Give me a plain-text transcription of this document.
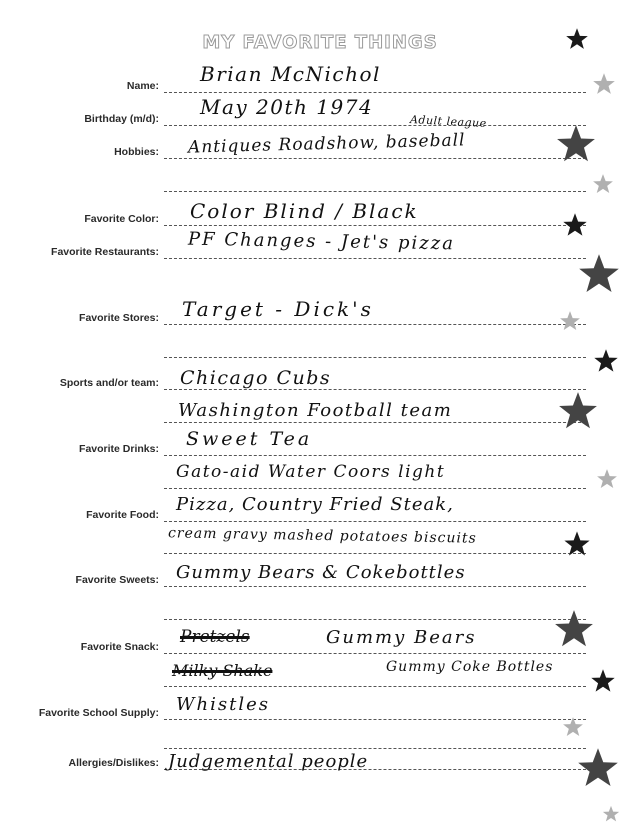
MY FAVORITE THINGS
Name:
Birthday (m/d):
Hobbies:
Favorite Color:
Favorite Restaurants:
Favorite Stores:
Sports and/or team:
Favorite Drinks:
Favorite Food:
Favorite Sweets:
Favorite Snack:
Favorite School Supply:
Allergies/Dislikes:
Brian McNichol
May 20th 1974
Adult league
Antiques Roadshow, baseball
Color Blind / Black
PF Changes - Jet's pizza
Target - Dick's
Chicago Cubs
Washington Football team
Sweet Tea
Gato-aid Water Coors light
Pizza, Country Fried Steak,
cream gravy mashed potatoes biscuits
Gummy Bears & Cokebottles
Pretzels	Gummy Bears
Milky Shake	Gummy Coke Bottles
Whistles
Judgemental people
